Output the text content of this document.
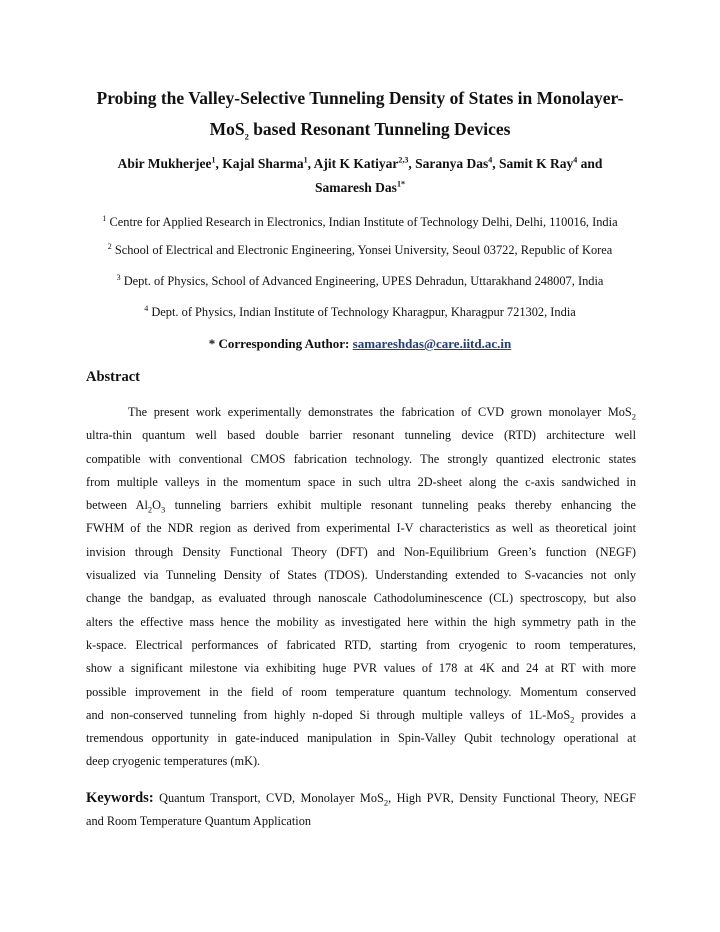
Probing the Valley-Selective Tunneling Density of States in Monolayer-
MoS$_2$ based Resonant Tunneling Devices
Abir Mukherjee$^1$, Kajal Sharma$^1$, Ajit K Katiyar$^{2,3}$, Saranya Das$^4$, Samit K Ray$^4$ and
Samaresh Das$^{1*}$
$^1$ Centre for Applied Research in Electronics, Indian Institute of Technology Delhi, Delhi, 110016, India
$^2$ School of Electrical and Electronic Engineering, Yonsei University, Seoul 03722, Republic of Korea
$^3$ Dept. of Physics, School of Advanced Engineering, UPES Dehradun, Uttarakhand 248007, India
$^4$ Dept. of Physics, Indian Institute of Technology Kharagpur, Kharagpur 721302, India
* Corresponding Author: samareshdas@care.iitd.ac.in
Abstract
The present work experimentally demonstrates the fabrication of CVD grown monolayer MoS$_2$
ultra-thin quantum well based double barrier resonant tunneling device (RTD) architecture well
compatible with conventional CMOS fabrication technology. The strongly quantized electronic states
from multiple valleys in the momentum space in such ultra 2D-sheet along the c-axis sandwiched in
between $Al_2O_3$ tunneling barriers exhibit multiple resonant tunneling peaks thereby enhancing the
FWHM of the NDR region as derived from experimental I-V characteristics as well as theoretical joint
invision through Density Functional Theory (DFT) and Non-Equilibrium Green’s function (NEGF)
visualized via Tunneling Density of States (TDOS). Understanding extended to S-vacancies not only
change the bandgap, as evaluated through nanoscale Cathodoluminescence (CL) spectroscopy, but also
alters the effective mass hence the mobility as investigated here within the high symmetry path in the
k-space. Electrical performances of fabricated RTD, starting from cryogenic to room temperatures,
show a significant milestone via exhibiting huge PVR values of 178 at 4K and 24 at RT with more
possible improvement in the field of room temperature quantum technology. Momentum conserved
and non-conserved tunneling from highly n-doped Si through multiple valleys of 1L-MoS$_2$ provides a
tremendous opportunity in gate-induced manipulation in Spin-Valley Qubit technology operational at
deep cryogenic temperatures (mK).
Keywords: Quantum Transport, CVD, Monolayer MoS$_2$, High PVR, Density Functional Theory, NEGF
and Room Temperature Quantum Application
